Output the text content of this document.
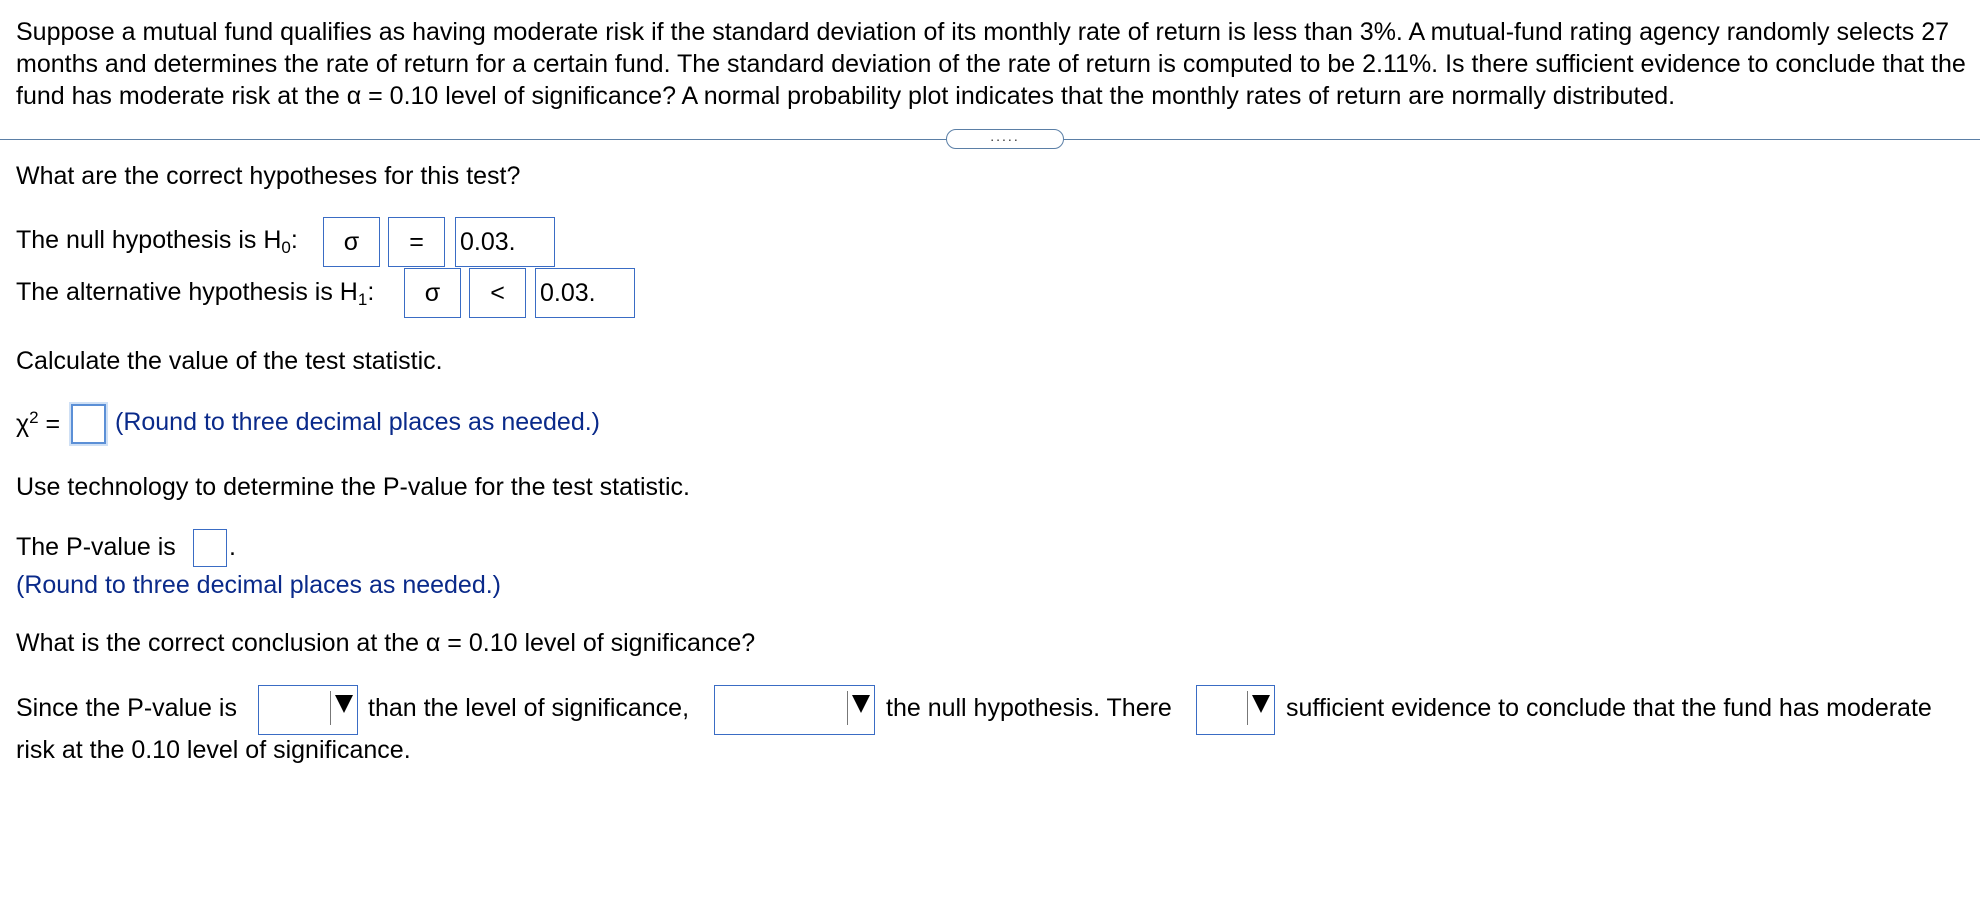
Suppose a mutual fund qualifies as having moderate risk if the standard deviation of its monthly rate of return is less than 3%. A mutual-fund rating agency randomly selects 27 months and determines the rate of return for a certain fund. The standard deviation of the rate of return is computed to be 2.11%. Is there sufficient evidence to conclude that the fund has moderate risk at the α = 0.10 level of significance? A normal probability plot indicates that the monthly rates of return are normally distributed.
.....
What are the correct hypotheses for this test?
The null hypothesis is $H_0$:	σ	=	0.03.
The alternative hypothesis is $H_1$:	σ	<	0.03.
Calculate the value of the test statistic.
$\chi^2$ = (Round to three decimal places as needed.)
Use technology to determine the P-value for the test statistic.
The P-value is .
(Round to three decimal places as needed.)
What is the correct conclusion at the α = 0.10 level of significance?
Since the P-value is	than the level of significance,	the null hypothesis. There	sufficient evidence to conclude that the fund has moderate
risk at the 0.10 level of significance.
